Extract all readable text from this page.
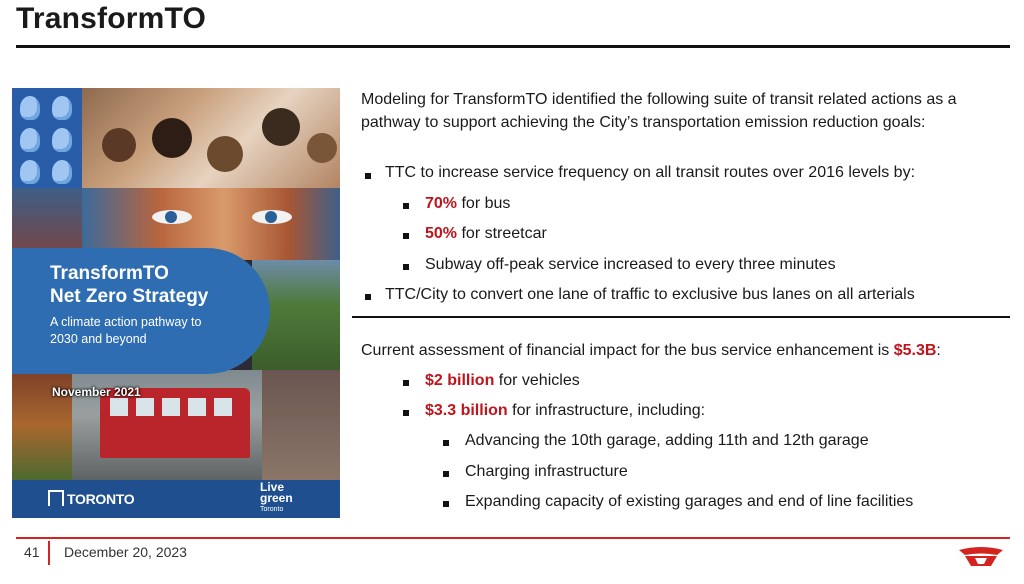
TransformTO
TransformTO
Net Zero Strategy
A climate action pathway to
2030 and beyond
November 2021
TORONTO
Live
green
Toronto

Modeling for TransformTO identified the following suite of transit related actions as a pathway to support achieving the City’s transportation emission reduction goals:

TTC to increase service frequency on all transit routes over 2016 levels by:
70% for bus
50% for streetcar
Subway off-peak service increased to every three minutes
TTC/City to convert one lane of traffic to exclusive bus lanes on all arterials
Current assessment of financial impact for the bus service enhancement is $5.3B:
$2 billion for vehicles
$3.3 billion for infrastructure, including:
Advancing the 10th garage, adding 11th and 12th garage
Charging infrastructure
Expanding capacity of existing garages and end of line facilities
41 December 20, 2023
